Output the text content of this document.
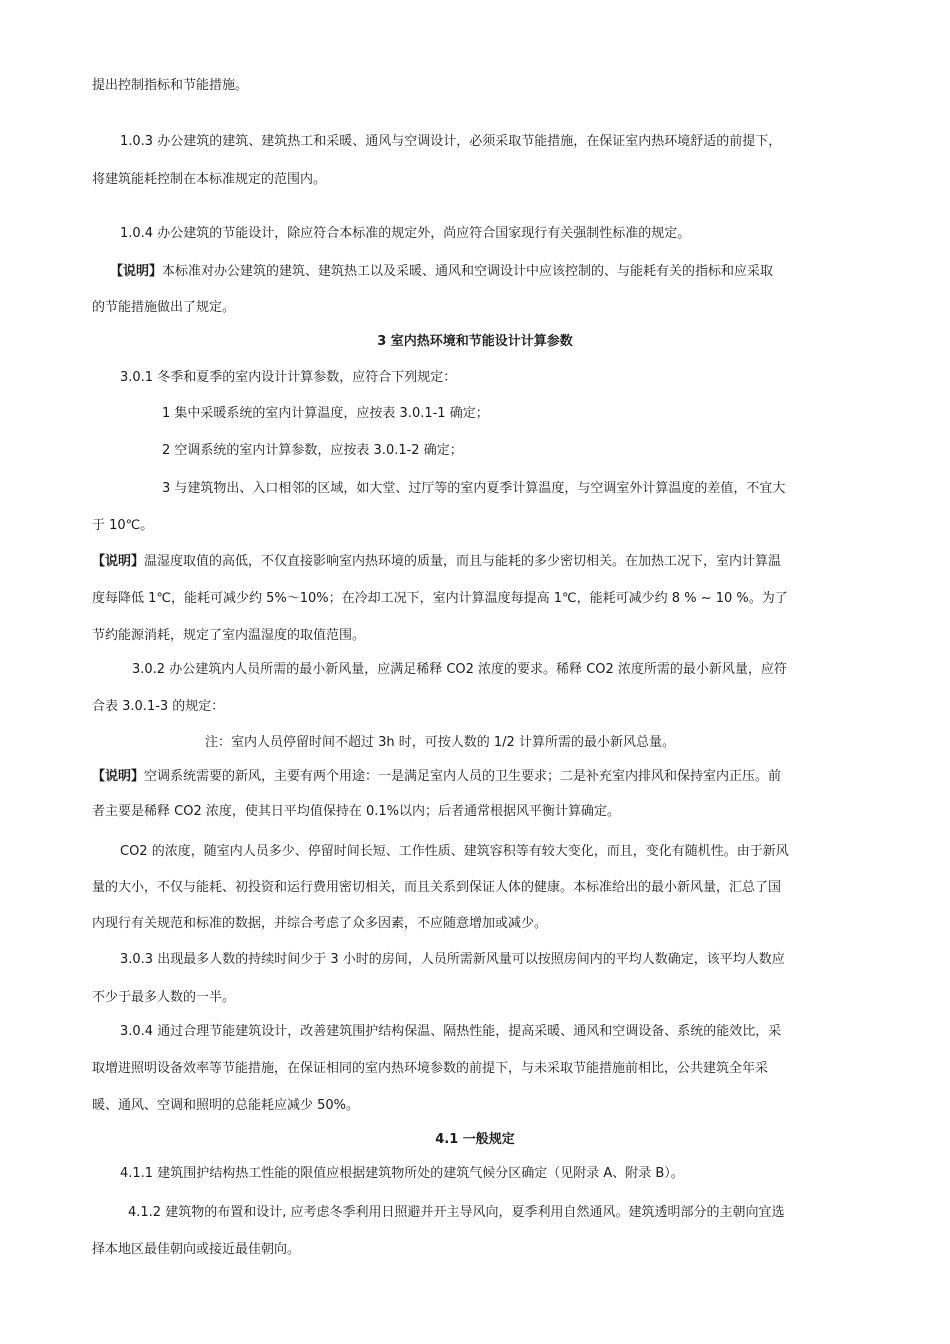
提出控制指标和节能措施。
1.0.3 办公建筑的建筑、建筑热工和采暖、通风与空调设计，必须采取节能措施，在保证室内热环境舒适的前提下，
将建筑能耗控制在本标准规定的范围内。
1.0.4 办公建筑的节能设计，除应符合本标准的规定外，尚应符合国家现行有关强制性标准的规定。
【说明】本标准对办公建筑的建筑、建筑热工以及采暖、通风和空调设计中应该控制的、与能耗有关的指标和应采取
的节能措施做出了规定。
3 室内热环境和节能设计计算参数
3.0.1 冬季和夏季的室内设计计算参数，应符合下列规定：
1 集中采暖系统的室内计算温度，应按表 3.0.1-1 确定；
2 空调系统的室内计算参数，应按表 3.0.1-2 确定；
3 与建筑物出、入口相邻的区域，如大堂、过厅等的室内夏季计算温度，与空调室外计算温度的差值，不宜大
于 10℃。
【说明】温湿度取值的高低，不仅直接影响室内热环境的质量，而且与能耗的多少密切相关。在加热工况下，室内计算温
度每降低 1℃，能耗可减少约 5%～10%；在冷却工况下，室内计算温度每提高 1℃，能耗可减少约 8 % ~ 10 %。为了
节约能源消耗，规定了室内温湿度的取值范围。
3.0.2 办公建筑内人员所需的最小新风量，应满足稀释 CO2 浓度的要求。稀释 CO2 浓度所需的最小新风量，应符
合表 3.0.1-3 的规定：
注：室内人员停留时间不超过 3h 时，可按人数的 1/2 计算所需的最小新风总量。
【说明】空调系统需要的新风，主要有两个用途：一是满足室内人员的卫生要求；二是补充室内排风和保持室内正压。前
者主要是稀释 CO2 浓度，使其日平均值保持在 0.1%以内；后者通常根据风平衡计算确定。
CO2 的浓度，随室内人员多少、停留时间长短、工作性质、建筑容积等有较大变化，而且，变化有随机性。由于新风
量的大小，不仅与能耗、初投资和运行费用密切相关，而且关系到保证人体的健康。本标准给出的最小新风量，汇总了国
内现行有关规范和标准的数据，并综合考虑了众多因素，不应随意增加或减少。
3.0.3 出现最多人数的持续时间少于 3 小时的房间，人员所需新风量可以按照房间内的平均人数确定，该平均人数应
不少于最多人数的一半。
3.0.4 通过合理节能建筑设计，改善建筑围护结构保温、隔热性能，提高采暖、通风和空调设备、系统的能效比，采
取增进照明设备效率等节能措施，在保证相同的室内热环境参数的前提下，与未采取节能措施前相比，公共建筑全年采
暖、通风、空调和照明的总能耗应减少 50%。
4.1 一般规定
4.1.1 建筑围护结构热工性能的限值应根据建筑物所处的建筑气候分区确定（见附录 A、附录 B）。
4.1.2 建筑物的布置和设计, 应考虑冬季利用日照避并开主导风向，夏季利用自然通风。建筑透明部分的主朝向宜选
择本地区最佳朝向或接近最佳朝向。
